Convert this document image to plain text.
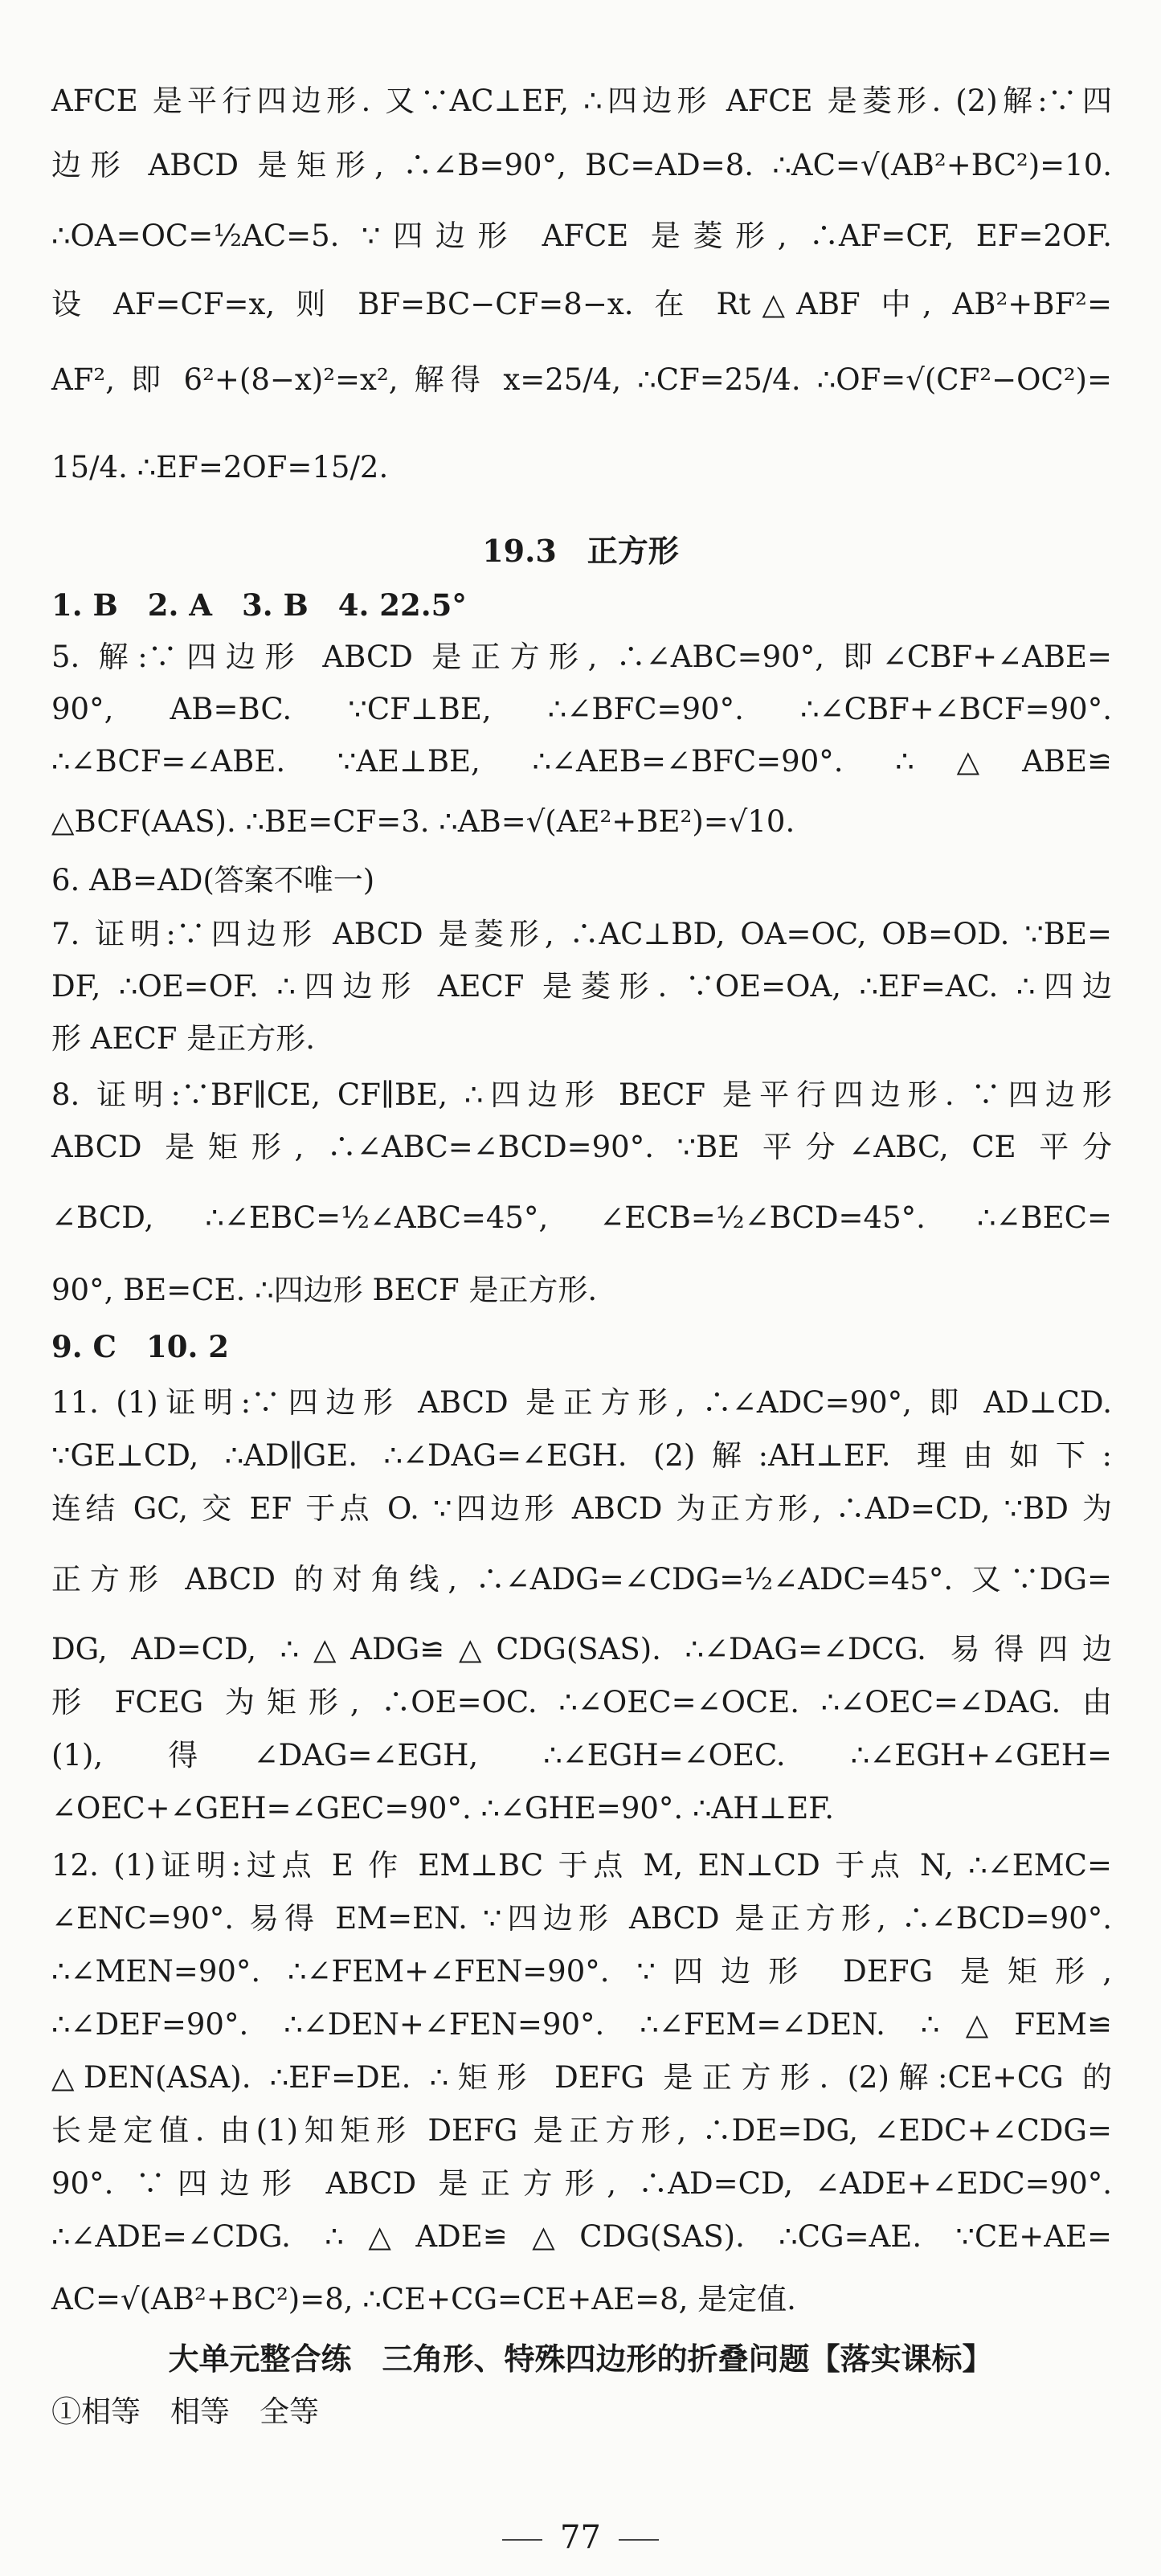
AFCE 是平行四边形. 又∵AC⊥EF, ∴四边形 AFCE 是菱形. (2)解:∵四
边形 ABCD 是矩形, ∴∠B=90°, BC=AD=8. ∴AC=√(AB²+BC²)=10.
∴OA=OC=½AC=5. ∵四边形 AFCE 是菱形, ∴AF=CF, EF=2OF.
设 AF=CF=x, 则 BF=BC−CF=8−x. 在 Rt△ABF 中, AB²+BF²=
AF², 即 6²+(8−x)²=x², 解得 x=25/4, ∴CF=25/4. ∴OF=√(CF²−OC²)=
15/4. ∴EF=2OF=15/2.
19.3　正方形
1. B　2. A　3. B　4. 22.5°
5. 解:∵四边形 ABCD 是正方形, ∴∠ABC=90°, 即∠CBF+∠ABE=
90°, AB=BC. ∵CF⊥BE, ∴∠BFC=90°. ∴∠CBF+∠BCF=90°.
∴∠BCF=∠ABE. ∵AE⊥BE, ∴∠AEB=∠BFC=90°. ∴△ABE≌
△BCF(AAS). ∴BE=CF=3. ∴AB=√(AE²+BE²)=√10.
6. AB=AD(答案不唯一)
7. 证明:∵四边形 ABCD 是菱形, ∴AC⊥BD, OA=OC, OB=OD. ∵BE=
DF, ∴OE=OF. ∴四边形 AECF 是菱形. ∵OE=OA, ∴EF=AC. ∴四边
形 AECF 是正方形.
8. 证明:∵BF∥CE, CF∥BE, ∴四边形 BECF 是平行四边形. ∵四边形
ABCD 是矩形, ∴∠ABC=∠BCD=90°. ∵BE 平分∠ABC, CE 平分
∠BCD, ∴∠EBC=½∠ABC=45°, ∠ECB=½∠BCD=45°. ∴∠BEC=
90°, BE=CE. ∴四边形 BECF 是正方形.
9. C　10. 2
11. (1)证明:∵四边形 ABCD 是正方形, ∴∠ADC=90°, 即 AD⊥CD.
∵GE⊥CD, ∴AD∥GE. ∴∠DAG=∠EGH. (2)解:AH⊥EF. 理由如下:
连结 GC, 交 EF 于点 O. ∵四边形 ABCD 为正方形, ∴AD=CD, ∵BD 为
正方形 ABCD 的对角线, ∴∠ADG=∠CDG=½∠ADC=45°. 又∵DG=
DG, AD=CD, ∴△ADG≌△CDG(SAS). ∴∠DAG=∠DCG. 易得四边
形 FCEG 为矩形, ∴OE=OC. ∴∠OEC=∠OCE. ∴∠OEC=∠DAG. 由
(1), 得∠DAG=∠EGH, ∴∠EGH=∠OEC. ∴∠EGH+∠GEH=
∠OEC+∠GEH=∠GEC=90°. ∴∠GHE=90°. ∴AH⊥EF.
12. (1)证明:过点 E 作 EM⊥BC 于点 M, EN⊥CD 于点 N, ∴∠EMC=
∠ENC=90°. 易得 EM=EN. ∵四边形 ABCD 是正方形, ∴∠BCD=90°.
∴∠MEN=90°. ∴∠FEM+∠FEN=90°. ∵四边形 DEFG 是矩形,
∴∠DEF=90°. ∴∠DEN+∠FEN=90°. ∴∠FEM=∠DEN. ∴△FEM≌
△DEN(ASA). ∴EF=DE. ∴矩形 DEFG 是正方形. (2)解:CE+CG 的
长是定值. 由(1)知矩形 DEFG 是正方形, ∴DE=DG, ∠EDC+∠CDG=
90°. ∵四边形 ABCD 是正方形, ∴AD=CD, ∠ADE+∠EDC=90°.
∴∠ADE=∠CDG. ∴△ADE≌△CDG(SAS). ∴CG=AE. ∵CE+AE=
AC=√(AB²+BC²)=8, ∴CE+CG=CE+AE=8, 是定值.
大单元整合练　三角形、特殊四边形的折叠问题【落实课标】
①相等　相等　全等
77
